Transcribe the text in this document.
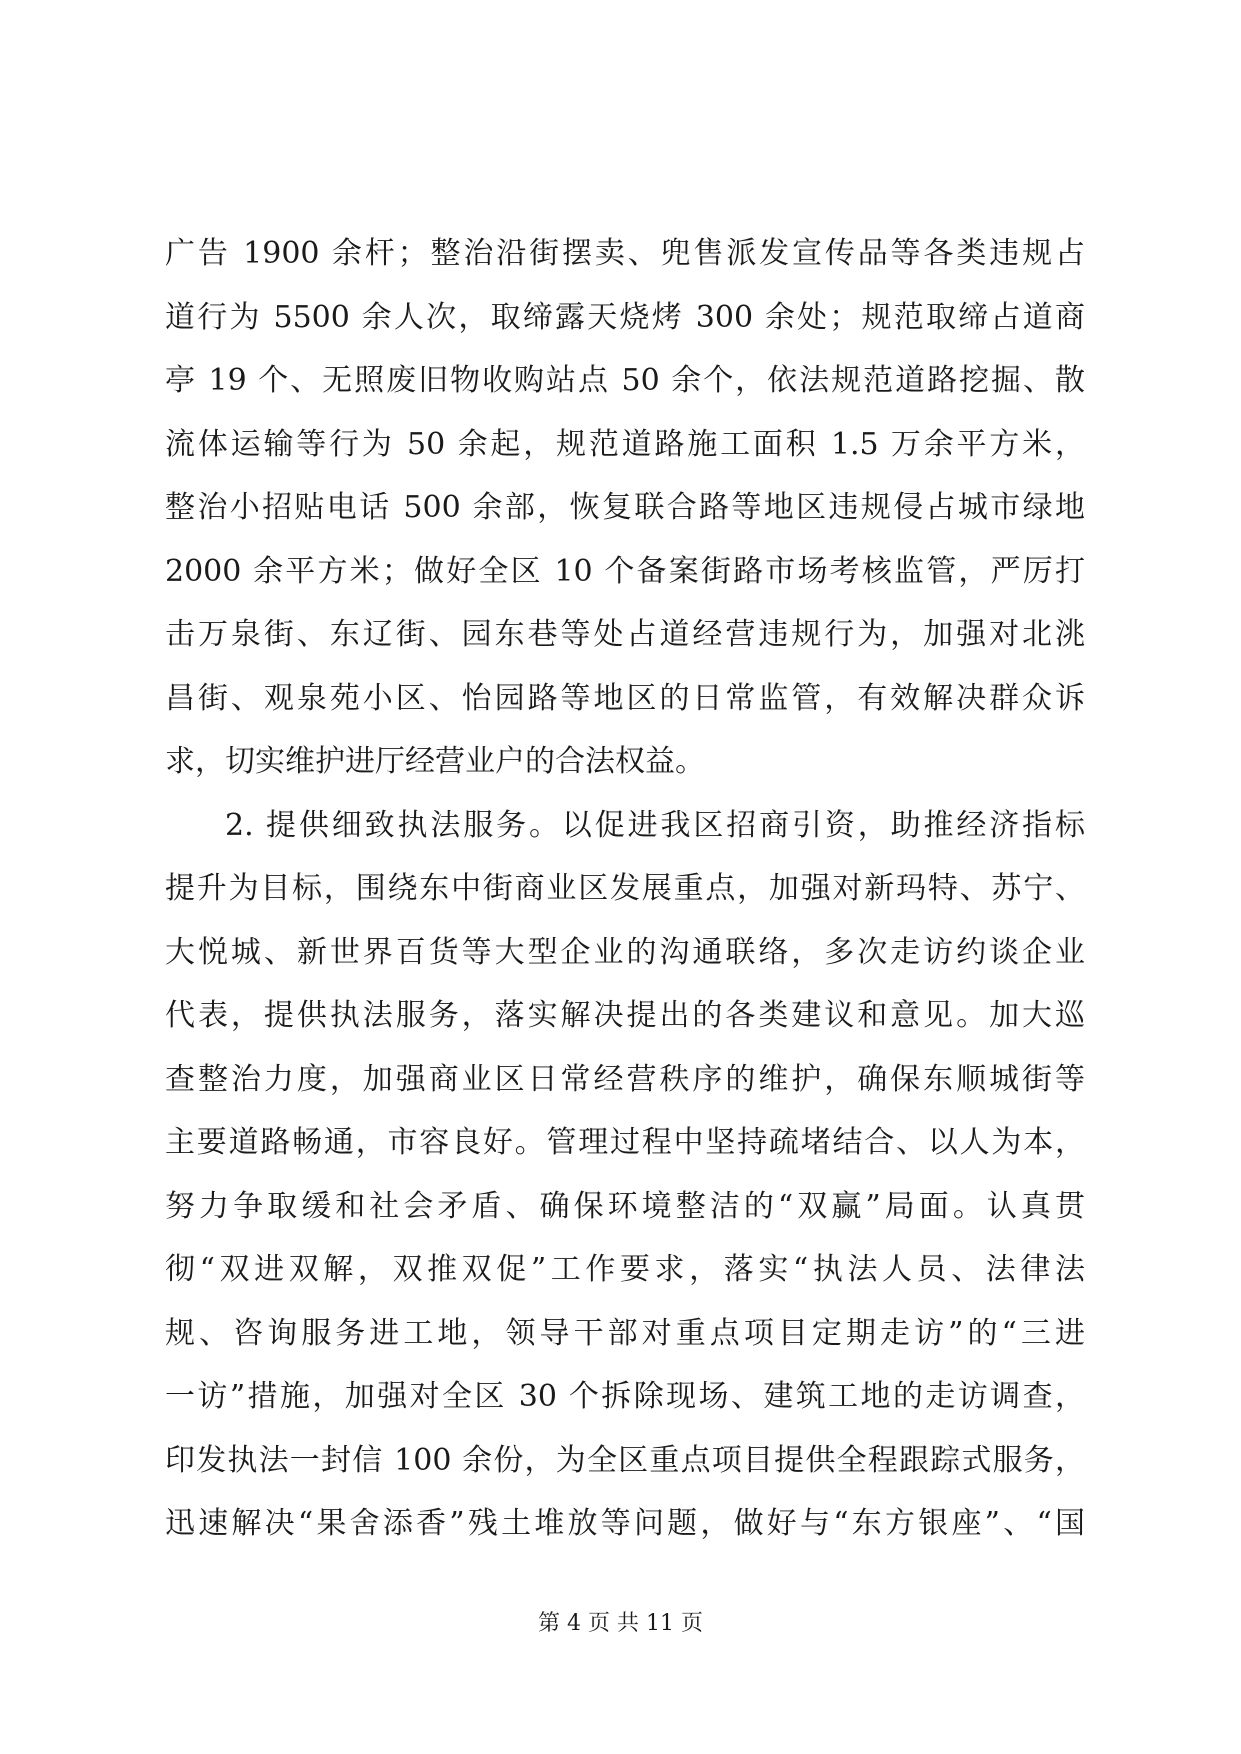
广告 1900 余杆；整治沿街摆卖、兜售派发宣传品等各类违规占
道行为 5500 余人次，取缔露天烧烤 300 余处；规范取缔占道商
亭 19 个、无照废旧物收购站点 50 余个，依法规范道路挖掘、散
流体运输等行为 50 余起，规范道路施工面积 1.5 万余平方米，
整治小招贴电话 500 余部，恢复联合路等地区违规侵占城市绿地
2000 余平方米；做好全区 10 个备案街路市场考核监管，严厉打
击万泉街、东辽街、园东巷等处占道经营违规行为，加强对北洮
昌街、观泉苑小区、怡园路等地区的日常监管，有效解决群众诉
求，切实维护进厅经营业户的合法权益。
2. 提供细致执法服务。以促进我区招商引资，助推经济指标
提升为目标，围绕东中街商业区发展重点，加强对新玛特、苏宁、
大悦城、新世界百货等大型企业的沟通联络，多次走访约谈企业
代表，提供执法服务，落实解决提出的各类建议和意见。加大巡
查整治力度，加强商业区日常经营秩序的维护，确保东顺城街等
主要道路畅通，市容良好。管理过程中坚持疏堵结合、以人为本，
努力争取缓和社会矛盾、确保环境整洁的“双赢”局面。认真贯
彻“双进双解，双推双促”工作要求，落实“执法人员、法律法
规、咨询服务进工地，领导干部对重点项目定期走访”的“三进
一访”措施，加强对全区 30 个拆除现场、建筑工地的走访调查，
印发执法一封信 100 余份，为全区重点项目提供全程跟踪式服务，
迅速解决“果舍添香”残土堆放等问题，做好与“东方银座”、“国
第 4 页 共 11 页
